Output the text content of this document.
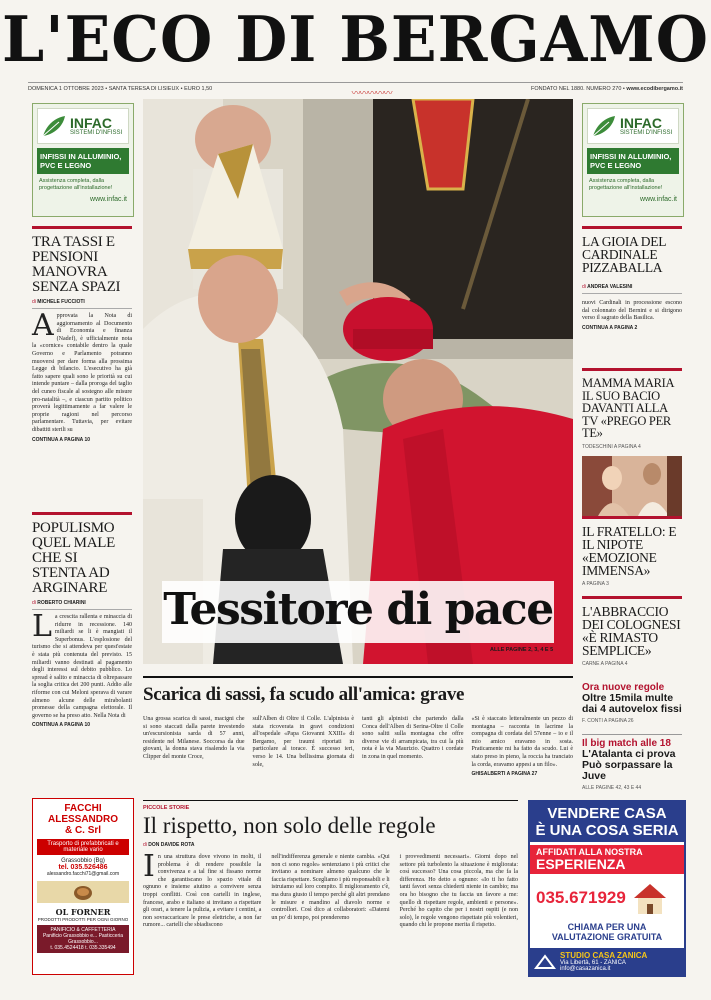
L'ECO DI BERGAMO
DOMENICA 1 OTTOBRE 2023 • SANTA TERESA DI LISIEUX • EURO 1,50	〰〰〰〰〰	FONDATO NEL 1880. NUMERO 270 • www.ecodibergamo.it
INFAC
SISTEMI D'INFISSI
INFISSI IN ALLUMINIO, PVC E LEGNO
Assistenza completa, dalla progettazione all'installazione!
www.infac.it
INFAC
SISTEMI D'INFISSI
INFISSI IN ALLUMINIO, PVC E LEGNO
Assistenza completa, dalla progettazione all'installazione!
www.infac.it
TRA TASSI E PENSIONI MANOVRA SENZA SPAZI
di MICHELE FUCCIOTI
Approvata la Nota di aggiornamento al Documento di Economia e finanza (Nadef), è ufficialmente nota la «cornice» contabile dentro la quale Governo e Parlamento potranno muoversi per dare forma alla prossima Legge di bilancio. L'esecutivo ha già fatto sapere quali sono le priorità su cui intende puntare – dalla proroga del taglio del cuneo fiscale al sostegno alle misure pro-natalità –, e ciascun partito politico proverà legittimamente a far valere le proprie ragioni nel percorso parlamentare. Tuttavia, per evitare dibattiti sterili su
CONTINUA A PAGINA 10
POPULISMO QUEL MALE CHE SI STENTA AD ARGINARE
di ROBERTO CHIARINI
La crescita rallenta e minaccia di ridurre in recessione. 140 miliardi se li è mangiati il Superbonus. L'esplosione del turismo che si attendeva per quest'estate è stata più contenuta del previsto. 15 miliardi vanno destinati al pagamento degli interessi sul debito pubblico. Lo spread è salito e minaccia di oltrepassare la soglia critica dei 200 punti. Addio alle riforme con cui Meloni sperava di varare almeno alcune delle mirabolanti promesse della campagna elettorale. Il governo se ha preso atto. Nella Nota di
CONTINUA A PAGINA 10
Tessitore di pace
ALLE PAGINE 2, 3, 4 E 5
LA GIOIA DEL CARDINALE PIZZABALLA
di ANDREA VALESINI
nuovi Cardinali in processione escono dal colonnato del Bernini e si dirigono verso il sagrato della Basilica.
CONTINUA A PAGINA 2
MAMMA MARIA IL SUO BACIO DAVANTI ALLA TV «PREGO PER TE»
TODESCHINI A PAGINA 4
IL FRATELLO: E IL NIPOTE «EMOZIONE IMMENSA»
A PAGINA 3
L'ABBRACCIO DEI COLOGNESI «È RIMASTO SEMPLICE»
CARNE A PAGINA 4
Scarica di sassi, fa scudo all'amica: grave
Una grossa scarica di sassi, macigni che si sono staccati dalla parete investendo un'escursionista sarda di 57 anni, residente nel Milanese. Soccorsa da due giovani, la donna stava risalendo la via Clipper del monte Croce,
sull'Alben di Oltre il Colle. L'alpinista è stata ricoverata in gravi condizioni all'ospedale «Papa Giovanni XXIII» di Bergamo, per traumi riportati in particolare al torace. È successo ieri, verso le 14. Una bellissima giornata di sole,
tanti gli alpinisti che partendo dalla Conca dell'Alben di Serina-Oltre il Colle sono saliti sulla montagna che offre diverse vie di arrampicata, tra cui la più nota è la via Maurizio. Quattro i cordate in zona in quel momento.
«Si è staccato letteralmente un pezzo di montagna – racconta in lacrime la compagna di cordata del 57enne – io e il mio amico eravamo in sosta. Praticamente mi ha fatto da scudo. Lui è stato preso in pieno, la roccia ha tranciato la corda, eravamo appesi a un filo».
GHISALBERTI A PAGINA 27
Ora nuove regole
Oltre 15mila multe dai 4 autovelox fissi
F. CONTI A PAGINA 26
Il big match alle 18
L'Atalanta ci prova Può sorpassare la Juve
ALLE PAGINE 42, 43 E 44
PICCOLE STORIE
Il rispetto, non solo delle regole
di DON DAVIDE ROTA
In una struttura dove vivono in molti, il problema è di rendere possibile la convivenza e a tal fine si fissano norme che garantiscano lo spazio vitale di ognuno e insieme aiutino a convivere senza troppi conflitti. Così con cartelli in inglese, francese, arabo e italiano si invitano a rispettare gli orari, a tenere la pulizia, a evitare i centini, a non sovraccaricare le prese elettriche, a non far rumore... cartelli che sbiadiscono
nell'indifferenza generale e niente cambia. «Qui non ci sono regole» sentenziano i più critici che invitano a nominare almeno qualcuno che le faccia rispettare. Scegliamo i più responsabili e li istruiamo sul loro compito. Il miglioramento c'è, ma dura giusto il tempo perché gli altri prendano le misure e mandino al diavolo norme e controllori. Così dico ai collaboratori: «Datemi un po' di tempo, poi prenderemo
i provvedimenti necessari». Giorni dopo nel settore più turbolento la situazione è migliorata: così successo? Una cosa piccola, ma che fa la differenza. Ho detto a ognuno: «Io ti ho fatto tanti favori senza chiederti niente in cambio; ma ora ho bisogno che tu faccia un favore a me: quello di rispettare regole, ambienti e persone». Perché ho capito che per i nostri ospiti (e non solo), le regole vengono rispettate più volentieri, quando chi le propone merita il rispetto.
FACCHI
ALESSANDRO
& C. Srl
Trasporto di prefabbricati e materiale vario
Grassobbio (Bg)
tel. 035.526486
alessandro.facchi71@gmail.com
OL FORNER
PRODOTTI PRODOTTI PER OGNI GIORNO
PANIFICIO & CAFFETTERIA
Panificio Grassobbio e... Pasticceria Grassobbio...
t. 035.4524418 t. 035.335494
VENDERE CASA
È UNA COSA SERIA
AFFIDATI ALLA NOSTRA
ESPERIENZA
035.671929
CHIAMA PER UNA
VALUTAZIONE GRATUITA
STUDIO CASA ZANICA
Via Libertà, 61 - ZANICA
info@casazanica.it
